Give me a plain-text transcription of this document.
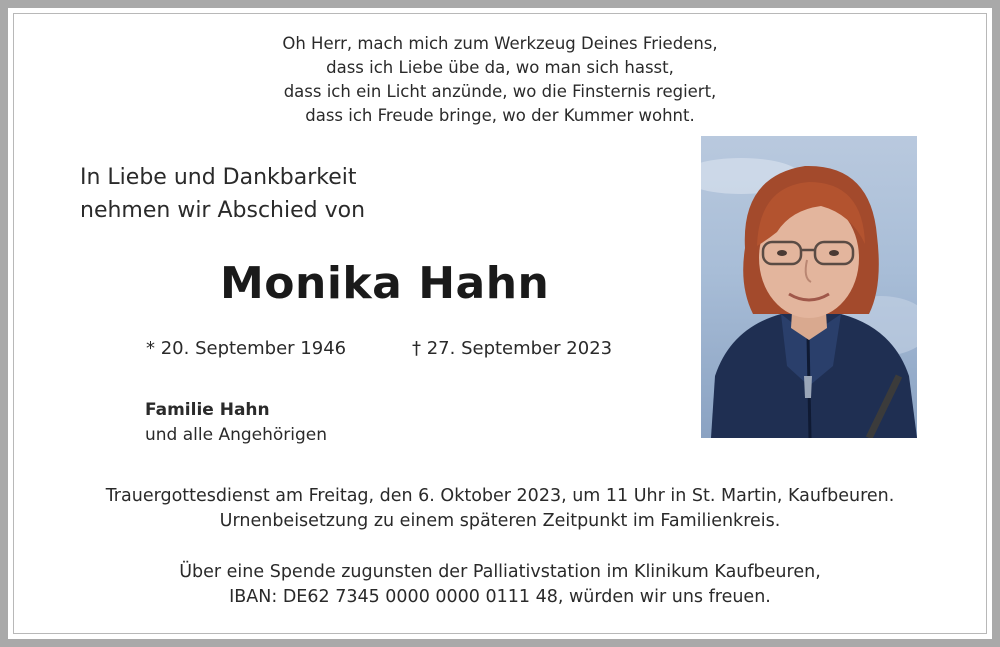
Oh Herr, mach mich zum Werkzeug Deines Friedens,
dass ich Liebe übe da, wo man sich hasst,
dass ich ein Licht anzünde, wo die Finsternis regiert,
dass ich Freude bringe, wo der Kummer wohnt.
In Liebe und Dankbarkeit
nehmen wir Abschied von
Monika Hahn
* 20. September 1946	† 27. September 2023
Familie Hahn
und alle Angehörigen
Trauergottesdienst am Freitag, den 6. Oktober 2023, um 11 Uhr in St. Martin, Kaufbeuren.
Urnenbeisetzung zu einem späteren Zeitpunkt im Familienkreis.
Über eine Spende zugunsten der Palliativstation im Klinikum Kaufbeuren,
IBAN: DE62 7345 0000 0000 0111 48, würden wir uns freuen.
